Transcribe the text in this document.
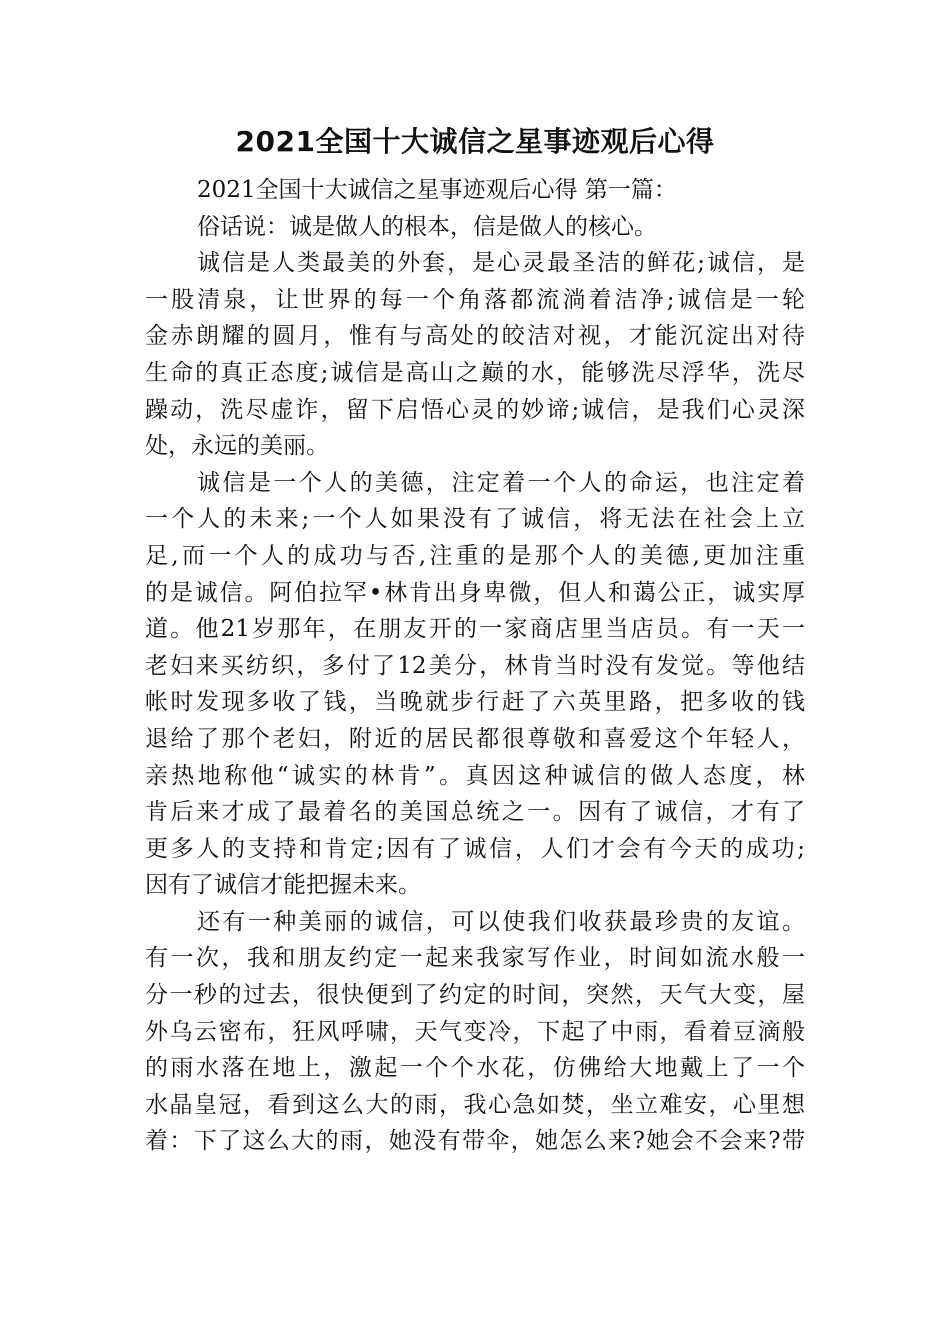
2021全国十大诚信之星事迹观后心得
2021全国十大诚信之星事迹观后心得 第一篇：
俗话说：诚是做人的根本，信是做人的核心。
诚信是人类最美的外套，是心灵最圣洁的鲜花;诚信，是
一股清泉，让世界的每一个角落都流淌着洁净;诚信是一轮
金赤朗耀的圆月，惟有与高处的皎洁对视，才能沉淀出对待
生命的真正态度;诚信是高山之巅的水，能够洗尽浮华，洗尽
躁动，洗尽虚诈，留下启悟心灵的妙谛;诚信，是我们心灵深
处，永远的美丽。
诚信是一个人的美德，注定着一个人的命运，也注定着
一个人的未来;一个人如果没有了诚信，将无法在社会上立
足,而一个人的成功与否,注重的是那个人的美德,更加注重
的是诚信。阿伯拉罕•林肯出身卑微，但人和蔼公正，诚实厚
道。他21岁那年，在朋友开的一家商店里当店员。有一天一
老妇来买纺织，多付了12美分，林肯当时没有发觉。等他结
帐时发现多收了钱，当晚就步行赶了六英里路，把多收的钱
退给了那个老妇，附近的居民都很尊敬和喜爱这个年轻人，
亲热地称他“诚实的林肯”。真因这种诚信的做人态度，林
肯后来才成了最着名的美国总统之一。因有了诚信，才有了
更多人的支持和肯定;因有了诚信，人们才会有今天的成功;
因有了诚信才能把握未来。
还有一种美丽的诚信，可以使我们收获最珍贵的友谊。
有一次，我和朋友约定一起来我家写作业，时间如流水般一
分一秒的过去，很快便到了约定的时间，突然，天气大变，屋
外乌云密布，狂风呼啸，天气变冷，下起了中雨，看着豆滴般
的雨水落在地上，激起一个个水花，仿佛给大地戴上了一个
水晶皇冠，看到这么大的雨，我心急如焚，坐立难安，心里想
着：下了这么大的雨，她没有带伞，她怎么来?她会不会来?带
